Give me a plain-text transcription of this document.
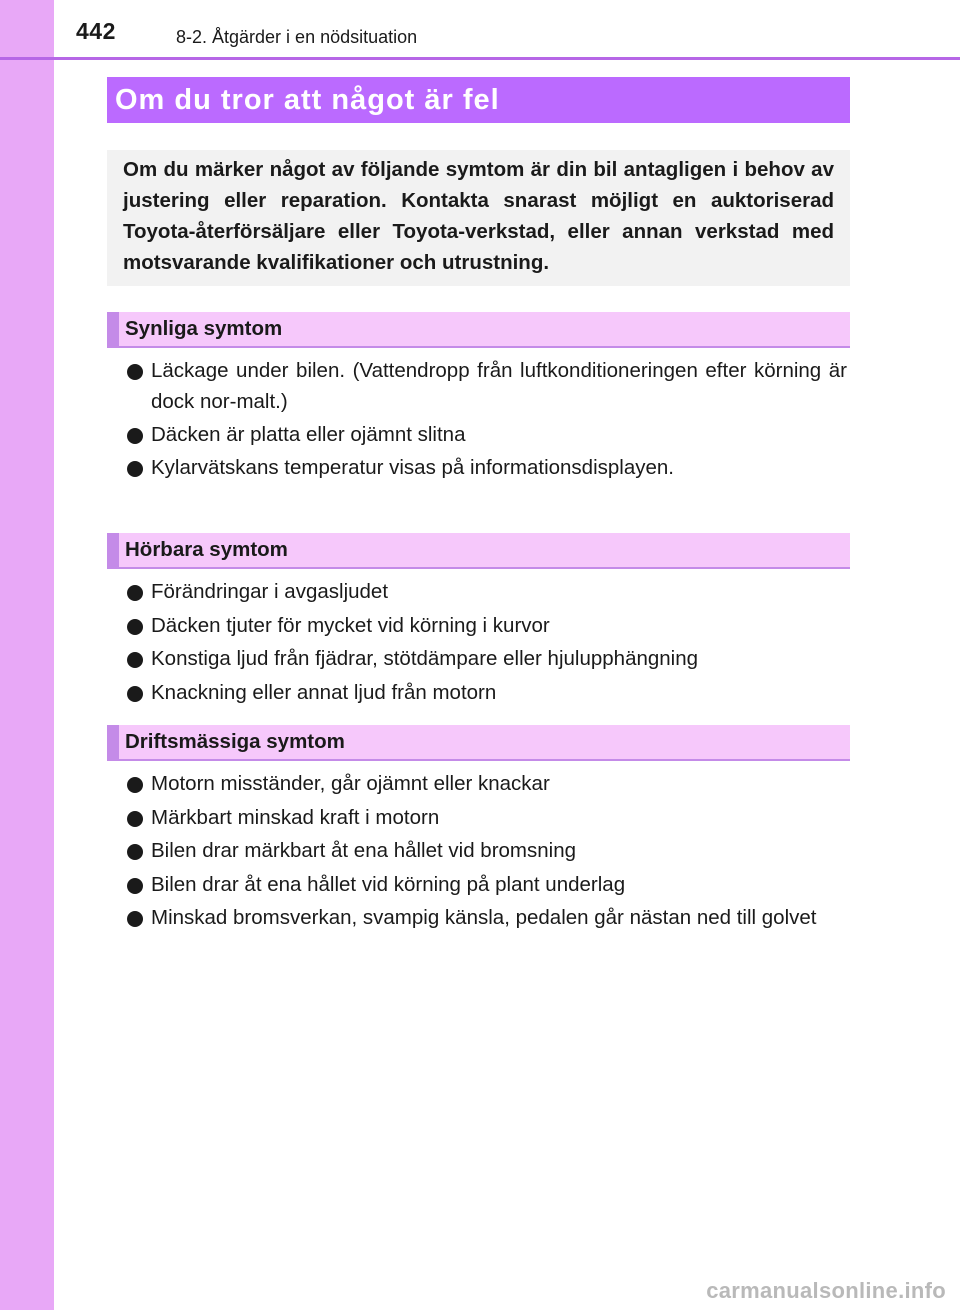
442	8-2. Åtgärder i en nödsituation
Om du tror att något är fel
Om du märker något av följande symtom är din bil antagligen i behov av justering eller reparation. Kontakta snarast möjligt en auktoriserad Toyota-återförsäljare eller Toyota-verkstad, eller annan verkstad med motsvarande kvalifikationer och utrustning.
Synliga symtom
Läckage under bilen. (Vattendropp från luftkonditioneringen efter körning är dock nor-malt.)
Däcken är platta eller ojämnt slitna
Kylarvätskans temperatur visas på informationsdisplayen.
Hörbara symtom
Förändringar i avgasljudet
Däcken tjuter för mycket vid körning i kurvor
Konstiga ljud från fjädrar, stötdämpare eller hjulupphängning
Knackning eller annat ljud från motorn
Driftsmässiga symtom
Motorn misständer, går ojämnt eller knackar
Märkbart minskad kraft i motorn
Bilen drar märkbart åt ena hållet vid bromsning
Bilen drar åt ena hållet vid körning på plant underlag
Minskad bromsverkan, svampig känsla, pedalen går nästan ned till golvet
carmanualsonline.info
